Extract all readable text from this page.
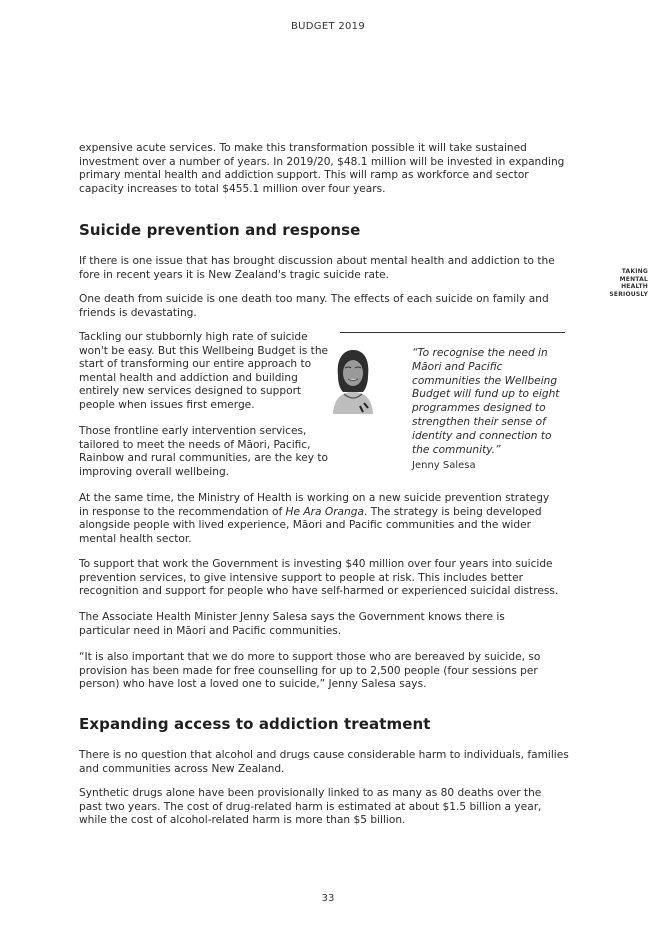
BUDGET 2019
expensive acute services. To make this transformation possible it will take sustained investment over a number of years. In 2019/20, $48.1 million will be invested in expanding primary mental health and addiction support. This will ramp as workforce and sector capacity increases to total $455.1 million over four years.
Suicide prevention and response
If there is one issue that has brought discussion about mental health and addiction to the fore in recent years it is New Zealand's tragic suicide rate.	TAKING
MENTAL
HEALTH
SERIOUSLY
One death from suicide is one death too many. The effects of each suicide on family and friends is devastating.
Tackling our stubbornly high rate of suicide won't be easy. But this Wellbeing Budget is the start of transforming our entire approach to mental health and addiction and building entirely new services designed to support people when issues first emerge.
Those frontline early intervention services, tailored to meet the needs of Māori, Pacific, Rainbow and rural communities, are the key to improving overall wellbeing.
“To recognise the need in Māori and Pacific communities the Wellbeing Budget will fund up to eight programmes designed to strengthen their sense of identity and connection to the community.”
Jenny Salesa
At the same time, the Ministry of Health is working on a new suicide prevention strategy in response to the recommendation of He Ara Oranga. The strategy is being developed alongside people with lived experience, Māori and Pacific communities and the wider mental health sector.
To support that work the Government is investing $40 million over four years into suicide prevention services, to give intensive support to people at risk. This includes better recognition and support for people who have self-harmed or experienced suicidal distress.
The Associate Health Minister Jenny Salesa says the Government knows there is particular need in Māori and Pacific communities.
“It is also important that we do more to support those who are bereaved by suicide, so provision has been made for free counselling for up to 2,500 people (four sessions per person) who have lost a loved one to suicide,” Jenny Salesa says.
Expanding access to addiction treatment
There is no question that alcohol and drugs cause considerable harm to individuals, families and communities across New Zealand.
Synthetic drugs alone have been provisionally linked to as many as 80 deaths over the past two years. The cost of drug-related harm is estimated at about $1.5 billion a year, while the cost of alcohol-related harm is more than $5 billion.
33
